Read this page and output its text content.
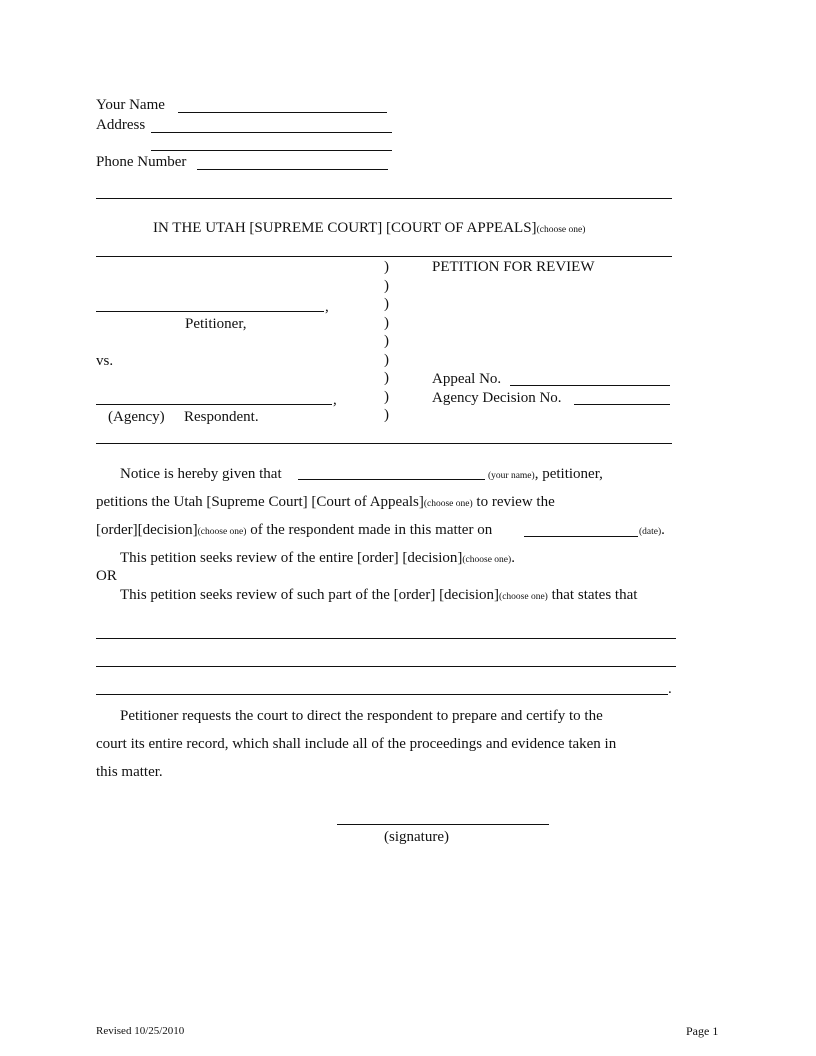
Your Name
Address
Phone Number
IN THE UTAH [SUPREME COURT] [COURT OF APPEALS](choose one)
)
)
)
)
)
)
)
)
)
PETITION FOR REVIEW
,
Petitioner,
vs.
,
(Agency) Respondent.
Appeal No.
Agency Decision No.
Notice is hereby given that	(your name), petitioner,
petitions the Utah [Supreme Court] [Court of Appeals](choose one) to review the
[order][decision](choose one) of the respondent made in this matter on	(date).
This petition seeks review of the entire [order] [decision](choose one).
OR
This petition seeks review of such part of the [order] [decision](choose one) that states that
.
Petitioner requests the court to direct the respondent to prepare and certify to the
court its entire record, which shall include all of the proceedings and evidence taken in
this matter.
(signature)
Revised 10/25/2010	Page 1
